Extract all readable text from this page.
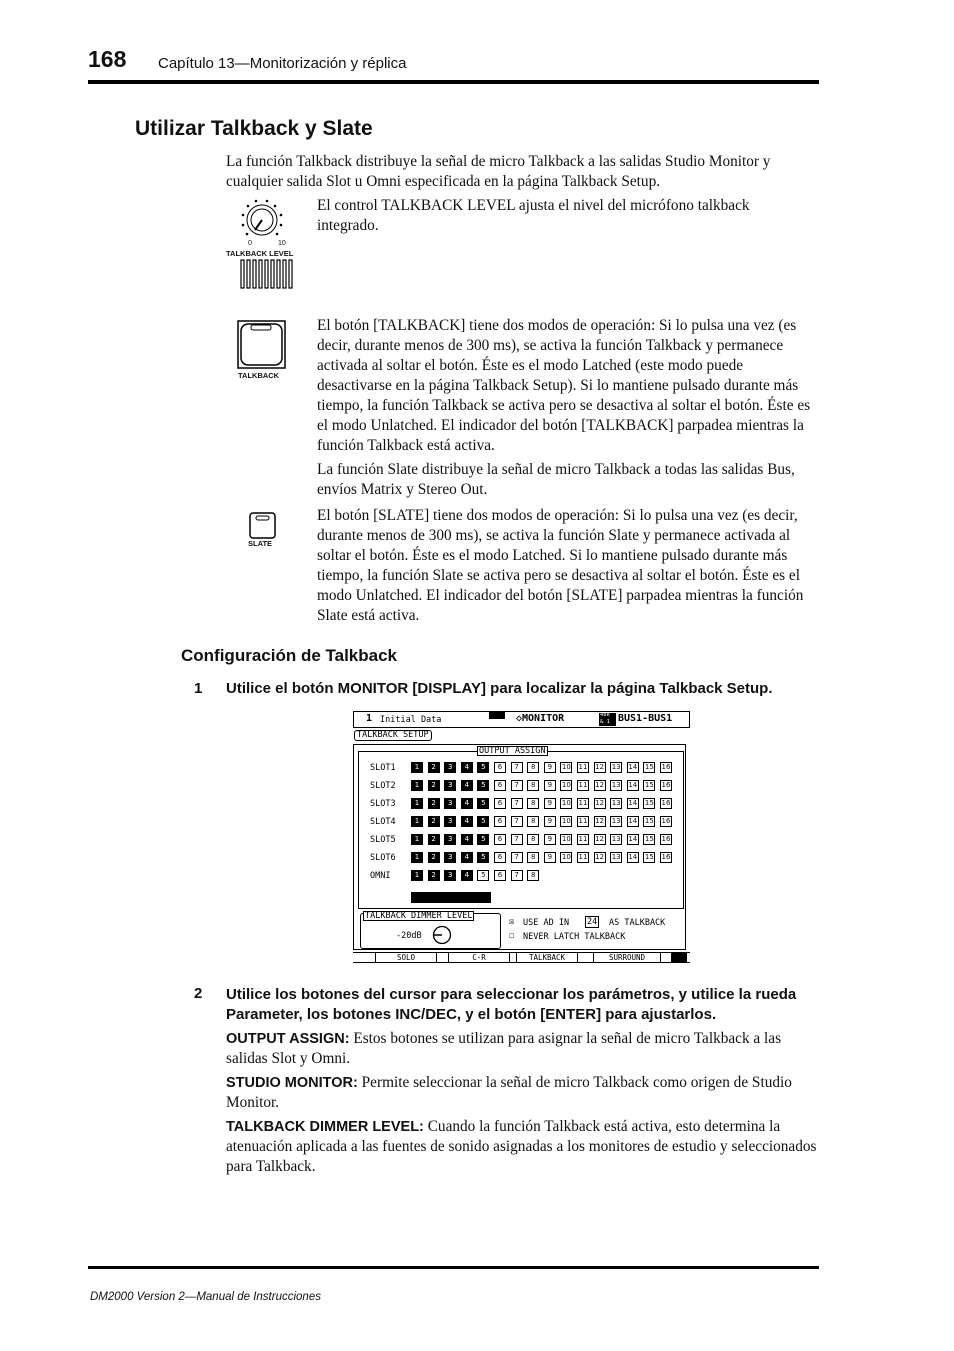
168 Capítulo 13—Monitorización y réplica
Utilizar Talkback y Slate

La función Talkback distribuye la señal de micro Talkback a las salidas Studio Monitor y cualquier salida Slot u Omni especificada en la página Talkback Setup.

0	10
TALKBACK LEVEL
El control TALKBACK LEVEL ajusta el nivel del micrófono talkback integrado.
TALKBACK

El botón [TALKBACK] tiene dos modos de operación: Si lo pulsa una vez (es decir, durante menos de 300 ms), se activa la función Talkback y permanece activada al soltar el botón. Éste es el modo Latched (este modo puede desactivarse en la página Talkback Setup). Si lo mantiene pulsado durante más tiempo, la función Talkback se activa pero se desactiva al soltar el botón. Éste es el modo Unlatched. El indicador del botón [TALKBACK] parpadea mientras la función Talkback está activa.

La función Slate distribuye la señal de micro Talkback a todas las salidas Bus, envíos Matrix y Stereo Out.

SLATE
El botón [SLATE] tiene dos modos de operación: Si lo pulsa una vez (es decir, durante menos de 300 ms), se activa la función Slate y permanece activada al soltar el botón. Éste es el modo Latched. Si lo mantiene pulsado durante más tiempo, la función Slate se activa pero se desactiva al soltar el botón. Éste es el modo Unlatched. El indicador del botón [SLATE] parpadea mientras la función Slate está activa.
Configuración de Talkback
1 Utilice el botón MONITOR [DISPLAY] para localizar la página Talkback Setup.
1 Initial Data	EDIT ◇MONITOR	48k
& 1 BUS1-BUS1
TALKBACK SETUP
OUTPUT ASSIGN
SLOT1	1	2	3	4	5	6	7	8	9	10 11 12 13 14 15 16
SLOT2	1	2	3	4	5	6	7	8	9	10 11 12 13 14 15 16
SLOT3	1	2	3	4	5	6	7	8	9	10 11 12 13 14 15 16
SLOT4	1	2	3	4	5	6	7	8	9	10 11 12 13 14 15 16
SLOT5	1	2	3	4	5	6	7	8	9	10 11 12 13 14 15 16
SLOT6	1	2	3	4	5	6	7	8	9	10 11 12 13 14 15 16
OMNI	1	2	3	4	5	6	7	8
STUDIO MONITOR
TALKBACK DIMMER LEVEL
-20dB
☒ USE AD IN 24 AS TALKBACK
☐ NEVER LATCH TALKBACK
SOLO	C-R	TALKBACK	SURROUND	▶
2 Utilice los botones del cursor para seleccionar los parámetros, y utilice la rueda Parameter, los botones INC/DEC, y el botón [ENTER] para ajustarlos.

OUTPUT ASSIGN: Estos botones se utilizan para asignar la señal de micro Talkback a las salidas Slot y Omni.

STUDIO MONITOR: Permite seleccionar la señal de micro Talkback como origen de Studio Monitor.

TALKBACK DIMMER LEVEL: Cuando la función Talkback está activa, esto determina la atenuación aplicada a las fuentes de sonido asignadas a los monitores de estudio y seleccionados para Talkback.

DM2000 Version 2—Manual de Instrucciones
